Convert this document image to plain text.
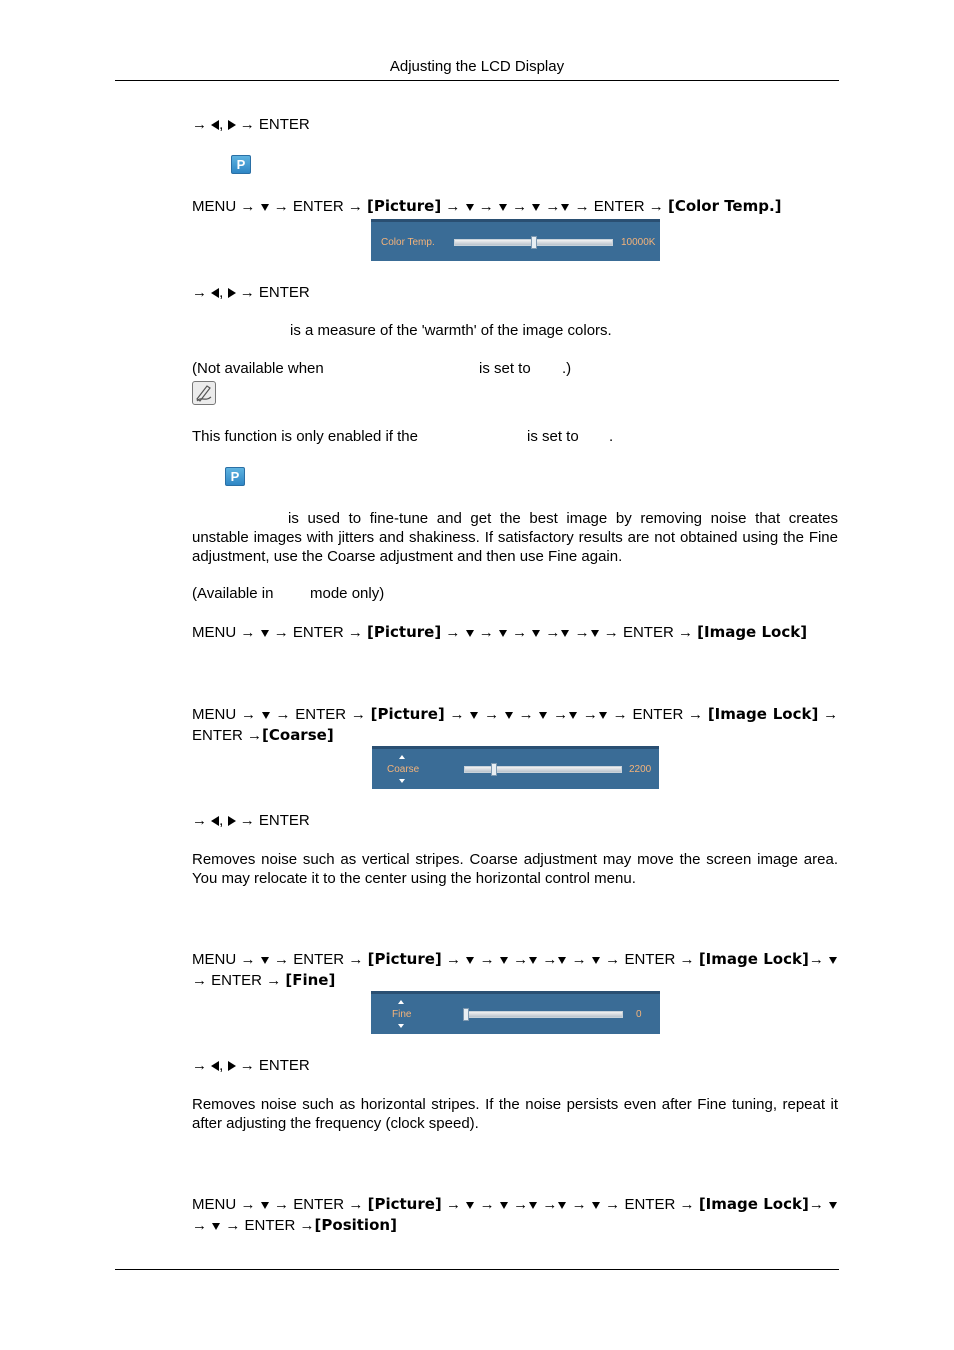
Adjusting the LCD Display
→ , → ENTER
P
MENU → → ENTER → [Picture] → → → → → ENTER → [Color Temp.]
Color Temp.	10000K
→ , → ENTER
is a measure of the 'warmth' of the image colors.
(Not available when	is set to .)
This function is only enabled if the	is set to .
P
is used to fine-tune and get the best image by removing noise that creates unstable images with jitters and shakiness. If satisfactory results are not obtained using the Fine adjustment, use the Coarse adjustment and then use Fine again.
(Available in mode only)
MENU → → ENTER → [Picture] → → → → → → ENTER → [Image Lock]
MENU → → ENTER → [Picture] → → → → → → ENTER → [Image Lock] → ENTER →[Coarse]
Coarse	2200
→ , → ENTER
Removes noise such as vertical stripes. Coarse adjustment may move the screen image area. You may relocate it to the center using the horizontal control menu.
MENU → → ENTER → [Picture] → → → → → → ENTER → [Image Lock]→  → ENTER → [Fine]
Fine	0
→ , → ENTER
Removes noise such as horizontal stripes. If the noise persists even after Fine tuning, repeat it after adjusting the frequency (clock speed).
MENU → → ENTER → [Picture] → → → → → → ENTER → [Image Lock]→  → → ENTER →[Position]
